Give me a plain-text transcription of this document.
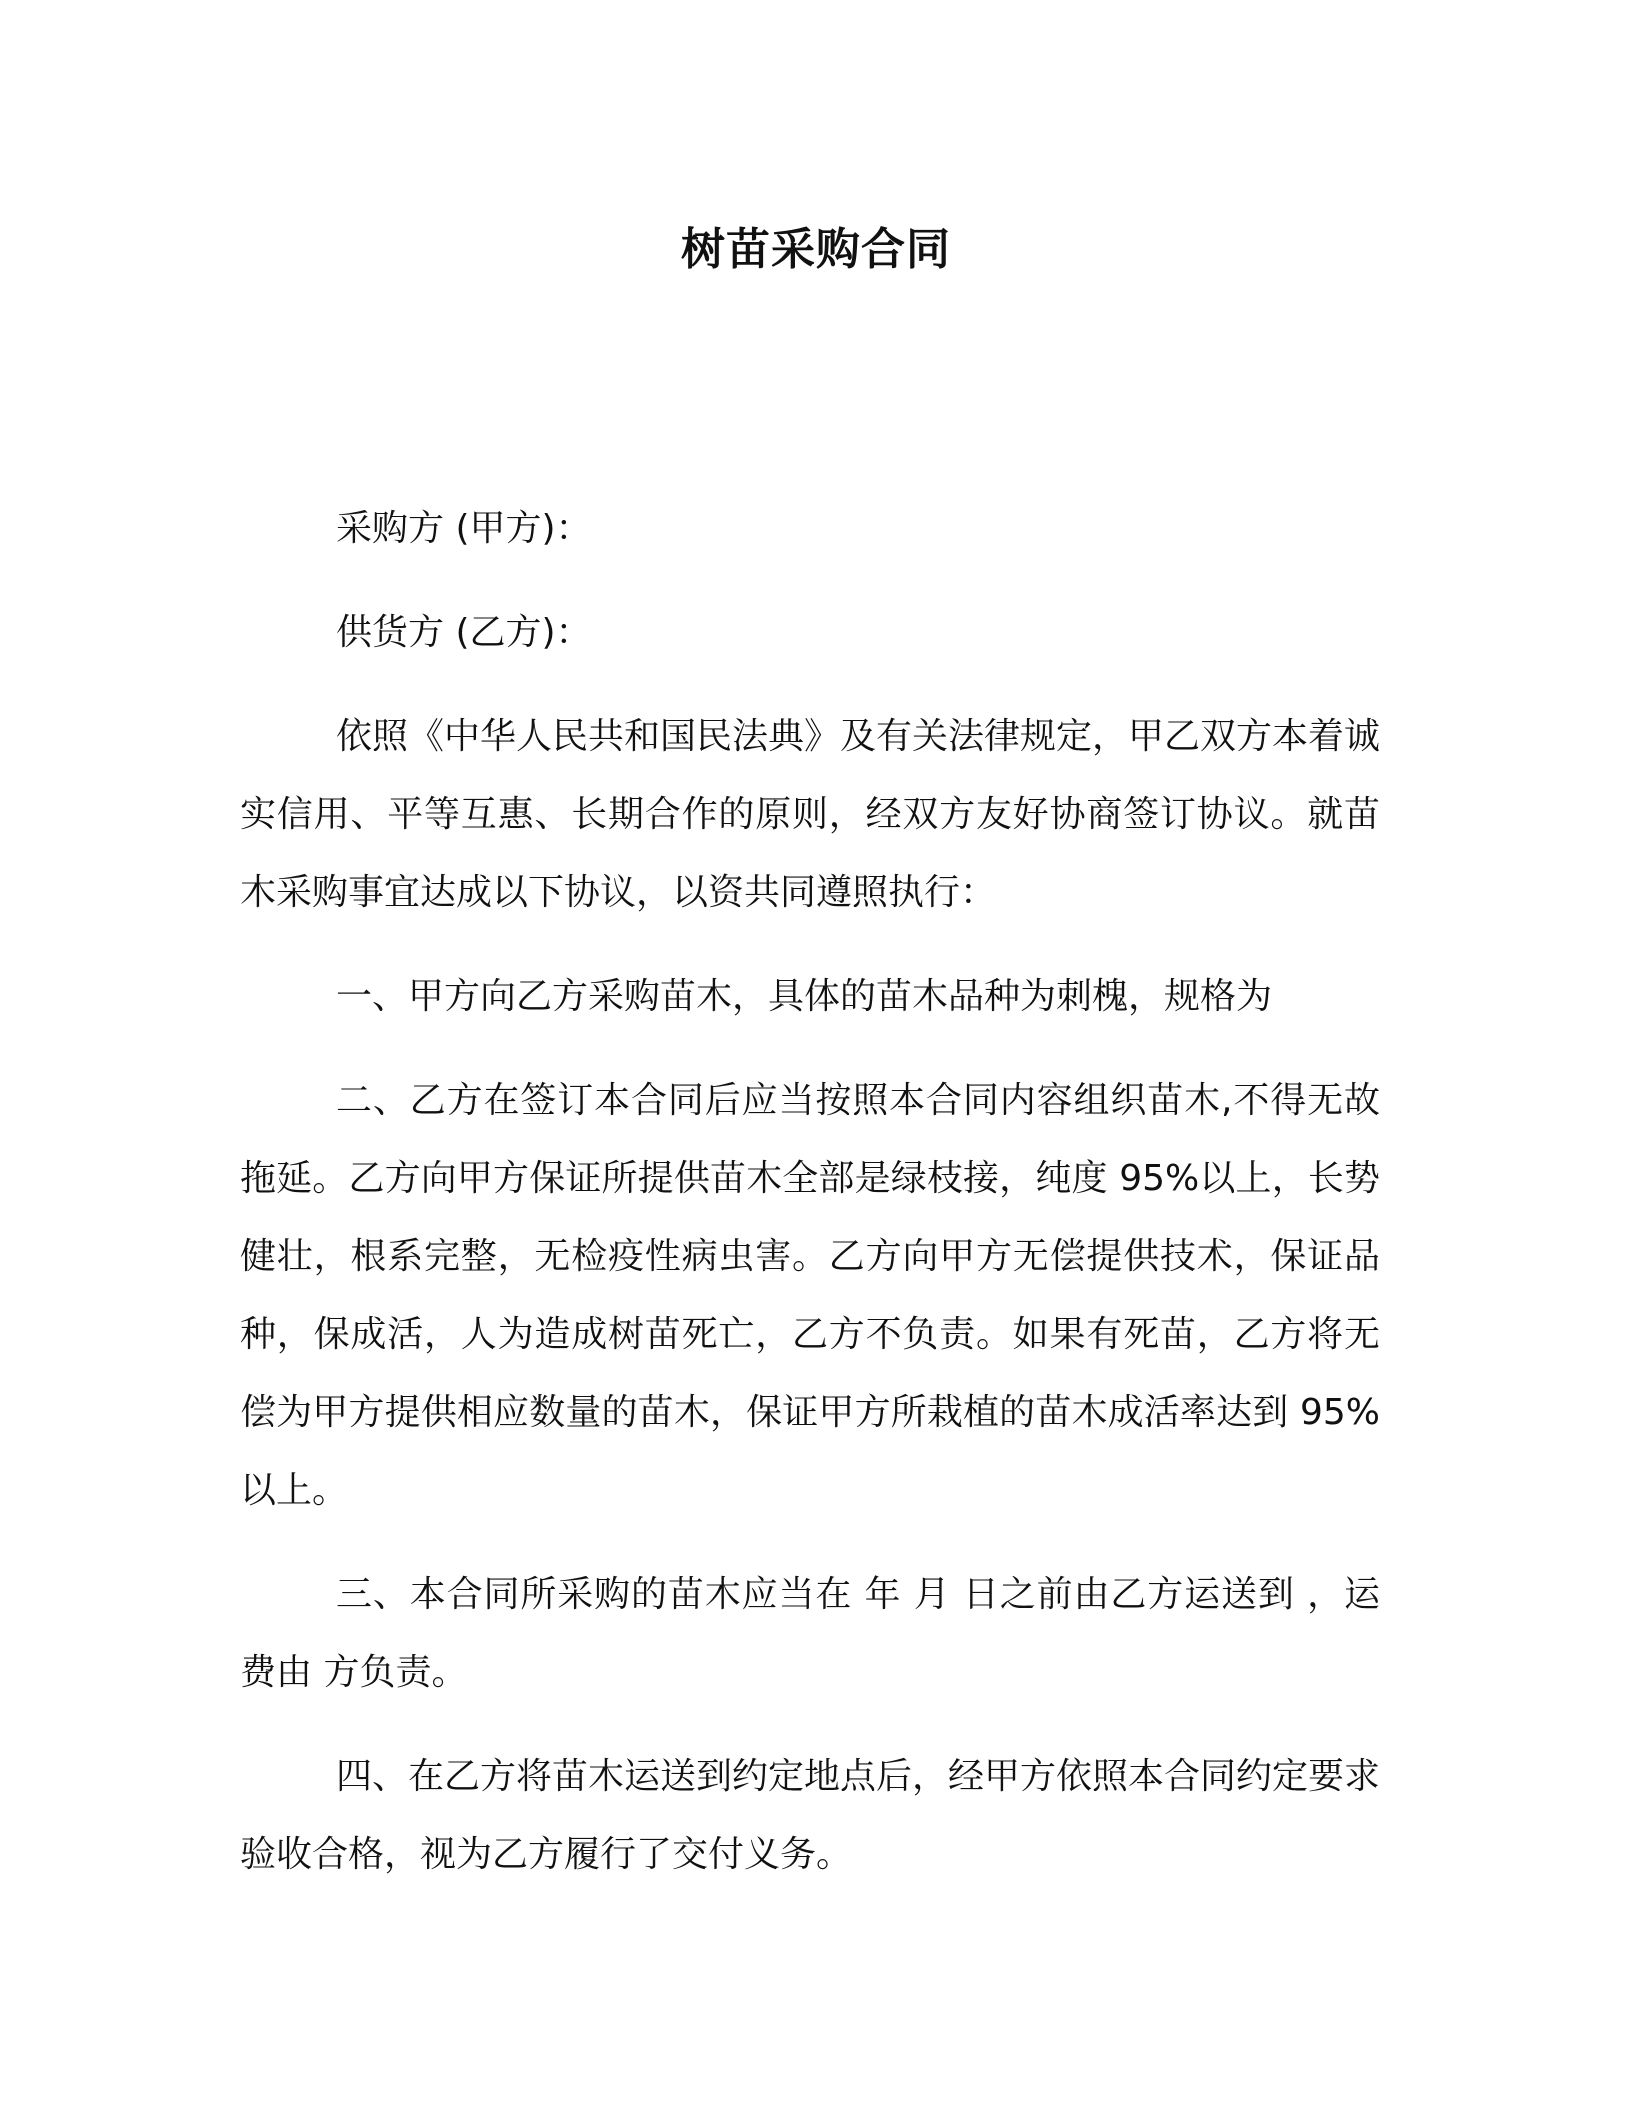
树苗采购合同

采购方 (甲方)：

供货方 (乙方)：

依照《中华人民共和国民法典》及有关法律规定，甲乙双方本着诚实信用、平等互惠、长期合作的原则，经双方友好协商签订协议。就苗木采购事宜达成以下协议，以资共同遵照执行：

一、甲方向乙方采购苗木，具体的苗木品种为刺槐，规格为

二、乙方在签订本合同后应当按照本合同内容组织苗木,不得无故拖延。乙方向甲方保证所提供苗木全部是绿枝接，纯度 95%以上，长势健壮，根系完整，无检疫性病虫害。乙方向甲方无偿提供技术，保证品种，保成活，人为造成树苗死亡，乙方不负责。如果有死苗，乙方将无偿为甲方提供相应数量的苗木，保证甲方所栽植的苗木成活率达到 95%以上。

三、本合同所采购的苗木应当在 年 月 日之前由乙方运送到 ，运费由 方负责。

四、在乙方将苗木运送到约定地点后，经甲方依照本合同约定要求验收合格，视为乙方履行了交付义务。
